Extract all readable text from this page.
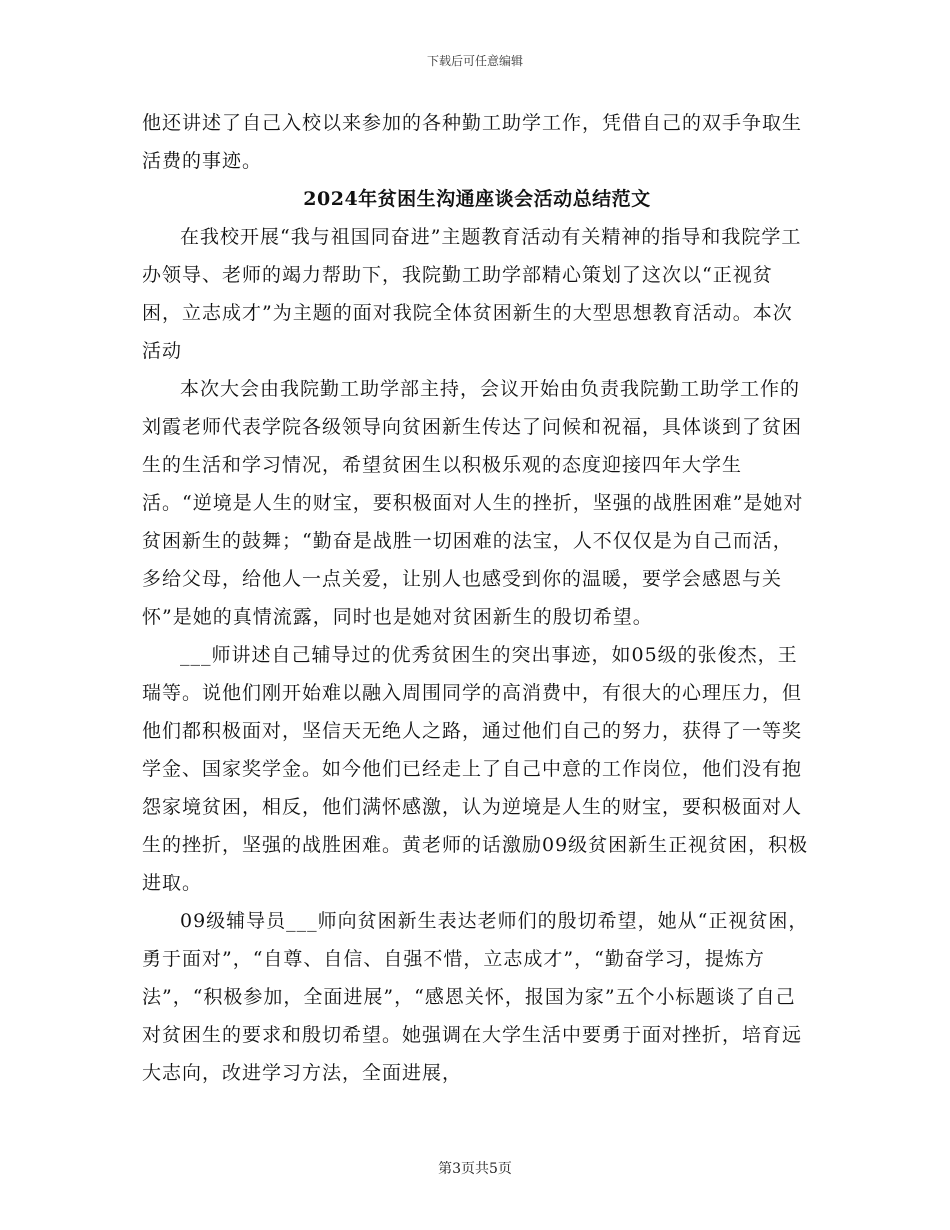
下载后可任意编辑

他还讲述了自己入校以来参加的各种勤工助学工作，凭借自己的双手争取生活费的事迹。

2024年贫困生沟通座谈会活动总结范文

在我校开展“我与祖国同奋进”主题教育活动有关精神的指导和我院学工办领导、老师的竭力帮助下，我院勤工助学部精心策划了这次以“正视贫困，立志成才”为主题的面对我院全体贫困新生的大型思想教育活动。本次活动

本次大会由我院勤工助学部主持，会议开始由负责我院勤工助学工作的刘霞老师代表学院各级领导向贫困新生传达了问候和祝福，具体谈到了贫困生的生活和学习情况，希望贫困生以积极乐观的态度迎接四年大学生活。“逆境是人生的财宝，要积极面对人生的挫折，坚强的战胜困难”是她对贫困新生的鼓舞；“勤奋是战胜一切困难的法宝，人不仅仅是为自己而活，多给父母，给他人一点关爱，让别人也感受到你的温暖，要学会感恩与关怀”是她的真情流露，同时也是她对贫困新生的殷切希望。

___师讲述自己辅导过的优秀贫困生的突出事迹，如05级的张俊杰，王瑞等。说他们刚开始难以融入周围同学的高消费中，有很大的心理压力，但他们都积极面对，坚信天无绝人之路，通过他们自己的努力，获得了一等奖学金、国家奖学金。如今他们已经走上了自己中意的工作岗位，他们没有抱怨家境贫困，相反，他们满怀感激，认为逆境是人生的财宝，要积极面对人生的挫折，坚强的战胜困难。黄老师的话激励09级贫困新生正视贫困，积极进取。

09级辅导员___师向贫困新生表达老师们的殷切希望，她从“正视贫困，勇于面对”，“自尊、自信、自强不惜，立志成才”，“勤奋学习，提炼方法”，“积极参加，全面进展”，“感恩关怀，报国为家”五个小标题谈了自己对贫困生的要求和殷切希望。她强调在大学生活中要勇于面对挫折，培育远大志向，改进学习方法，全面进展，

第3页共5页
